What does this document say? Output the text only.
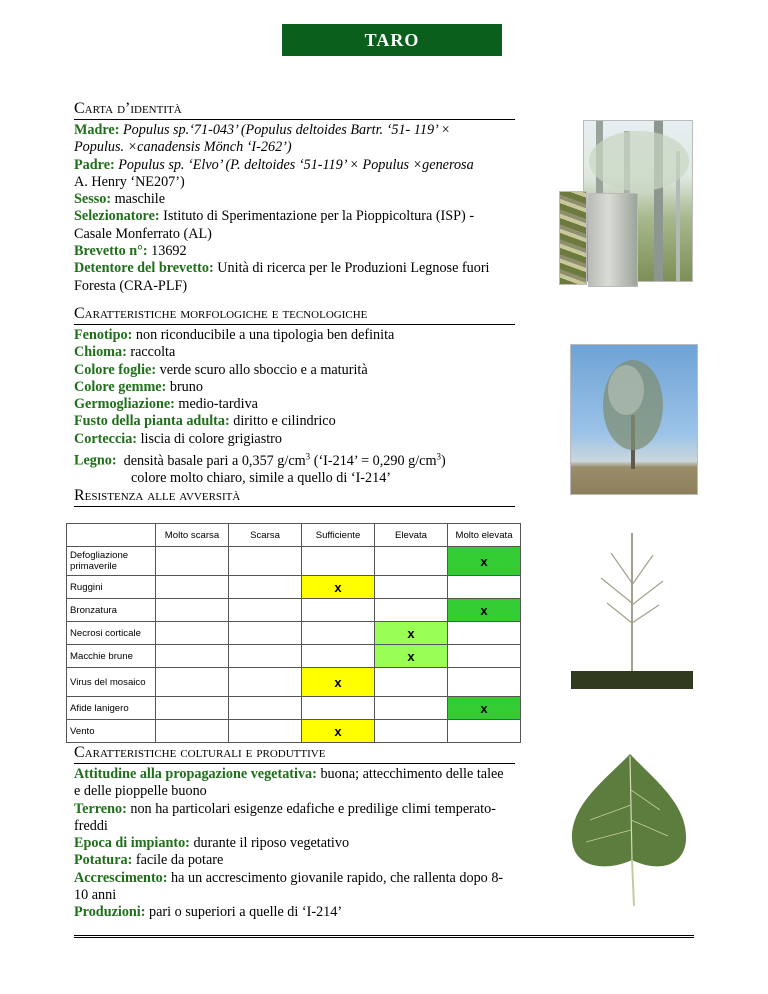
TARO
Carta d’identità
Madre: Populus sp.‘71-043’ (Populus deltoides Bartr. ‘51- 119’ ×
Populus. ×canadensis Mönch ‘I-262’)
Padre: Populus sp. ‘Elvo’ (P. deltoides ‘51-119’ × Populus ×generosa
A. Henry ‘NE207’)
Sesso: maschile
Selezionatore: Istituto di Sperimentazione per la Pioppicoltura (ISP) -
Casale Monferrato (AL)
Brevetto n°: 13692
Detentore del brevetto: Unità di ricerca per le Produzioni Legnose fuori
Foresta (CRA-PLF)
Caratteristiche morfologiche e tecnologiche
Fenotipo: non riconducibile a una tipologia ben definita
Chioma: raccolta
Colore foglie: verde scuro allo sboccio e a maturità
Colore gemme: bruno
Germogliazione: medio-tardiva
Fusto della pianta adulta: diritto e cilindrico
Corteccia: liscia di colore grigiastro
Legno: densità basale pari a 0,357 $g/cm^3$ (‘I-214’ = 0,290 $g/cm^3$)
colore molto chiaro, simile a quello di ‘I-214’
Resistenza alle avversità
	Molto scarsa	Scarsa	Sufficiente	Elevata	Molto elevata
Defogliazione primaverile					x
Ruggini			x		
Bronzatura					x
Necrosi corticale				x	
Macchie brune				x	
Virus del mosaico			x		
Afide lanigero					x
Vento			x		
Caratteristiche colturali e produttive
Attitudine alla propagazione vegetativa: buona; attecchimento delle talee
e delle pioppelle buono
Terreno: non ha particolari esigenze edafiche e predilige climi temperato-
freddi
Epoca di impianto: durante il riposo vegetativo
Potatura: facile da potare
Accrescimento: ha un accrescimento giovanile rapido, che rallenta dopo 8-
10 anni
Produzioni: pari o superiori a quelle di ‘I-214’
